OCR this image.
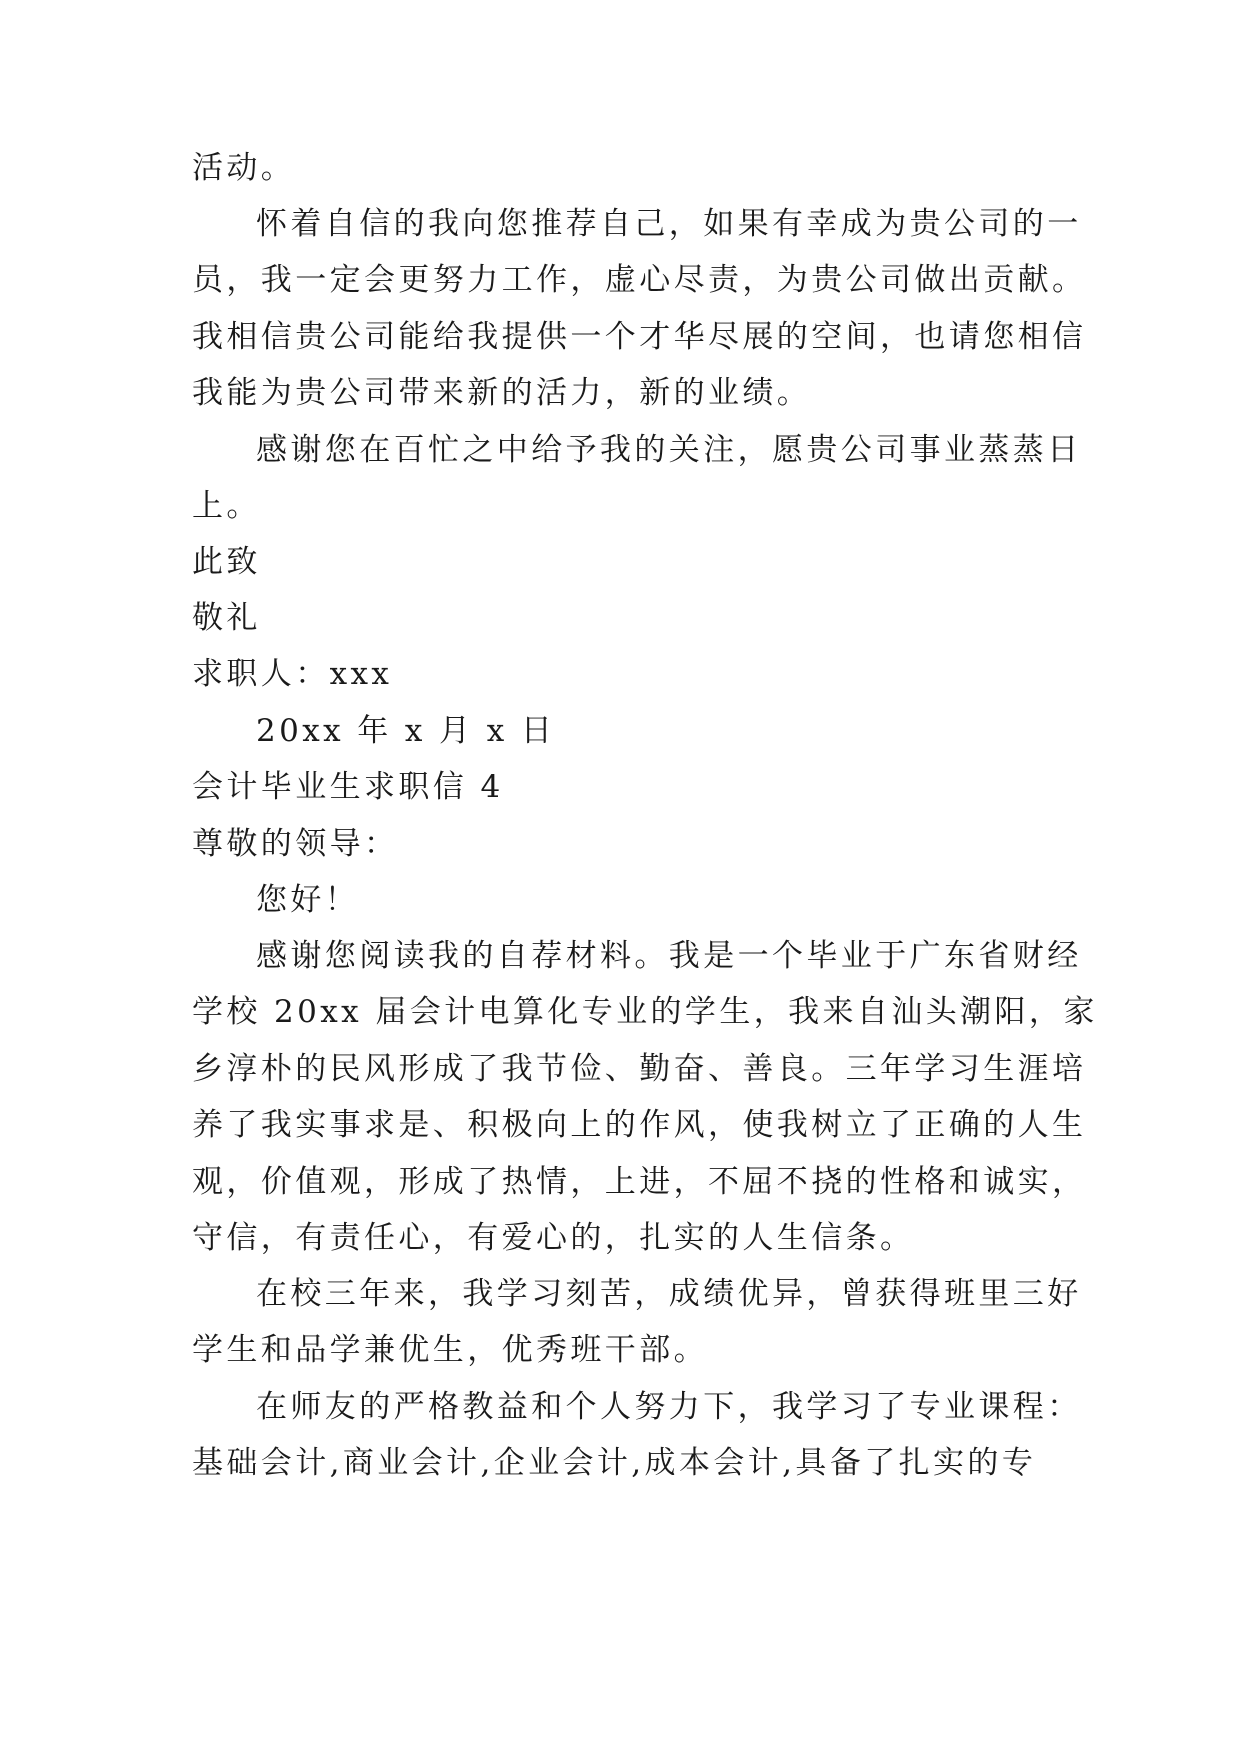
活动。
怀着自信的我向您推荐自己，如果有幸成为贵公司的一
员，我一定会更努力工作，虚心尽责，为贵公司做出贡献。
我相信贵公司能给我提供一个才华尽展的空间，也请您相信
我能为贵公司带来新的活力，新的业绩。
感谢您在百忙之中给予我的关注，愿贵公司事业蒸蒸日
上。
此致
敬礼
求职人：xxx
20xx 年 x 月 x 日
会计毕业生求职信 4
尊敬的领导：
您好！
感谢您阅读我的自荐材料。我是一个毕业于广东省财经
学校 20xx 届会计电算化专业的学生，我来自汕头潮阳，家
乡淳朴的民风形成了我节俭、勤奋、善良。三年学习生涯培
养了我实事求是、积极向上的作风，使我树立了正确的人生
观，价值观，形成了热情，上进，不屈不挠的性格和诚实，
守信，有责任心，有爱心的，扎实的人生信条。
在校三年来，我学习刻苦，成绩优异，曾获得班里三好
学生和品学兼优生，优秀班干部。
在师友的严格教益和个人努力下，我学习了专业课程：
基础会计,商业会计,企业会计,成本会计,具备了扎实的专
